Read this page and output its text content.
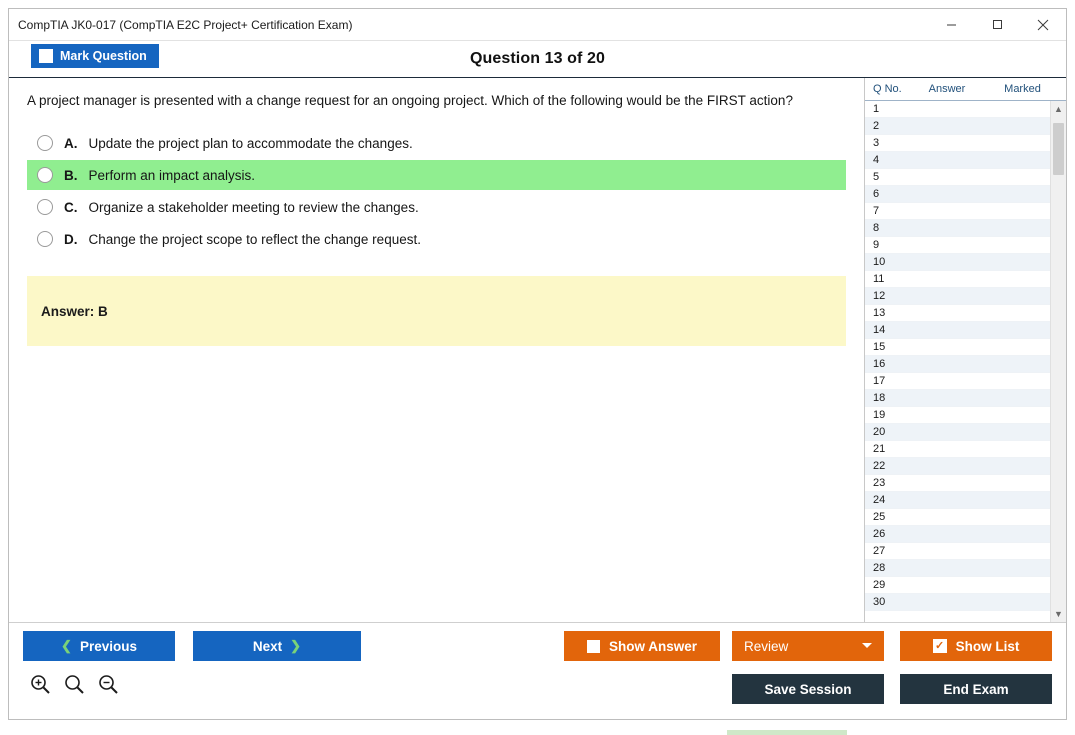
CompTIA JK0-017 (CompTIA E2C Project+ Certification Exam)
Mark Question	Question 13 of 20
A project manager is presented with a change request for an ongoing project. Which of the following would be the FIRST action?
A. Update the project plan to accommodate the changes.
B. Perform an impact analysis.
C. Organize a stakeholder meeting to review the changes.
D. Change the project scope to reflect the change request.
Answer: B
Q No.	Answer	Marked
1
2
3
4
5
6
7
8
9
10
11
12
13
14
15
16
17
18
19
20
21
22
23
24
25
26
27
28
29
30
▲
▼
❮ Previous	Next ❯	Show Answer	Review	✓ Show List
Save Session	End Exam
